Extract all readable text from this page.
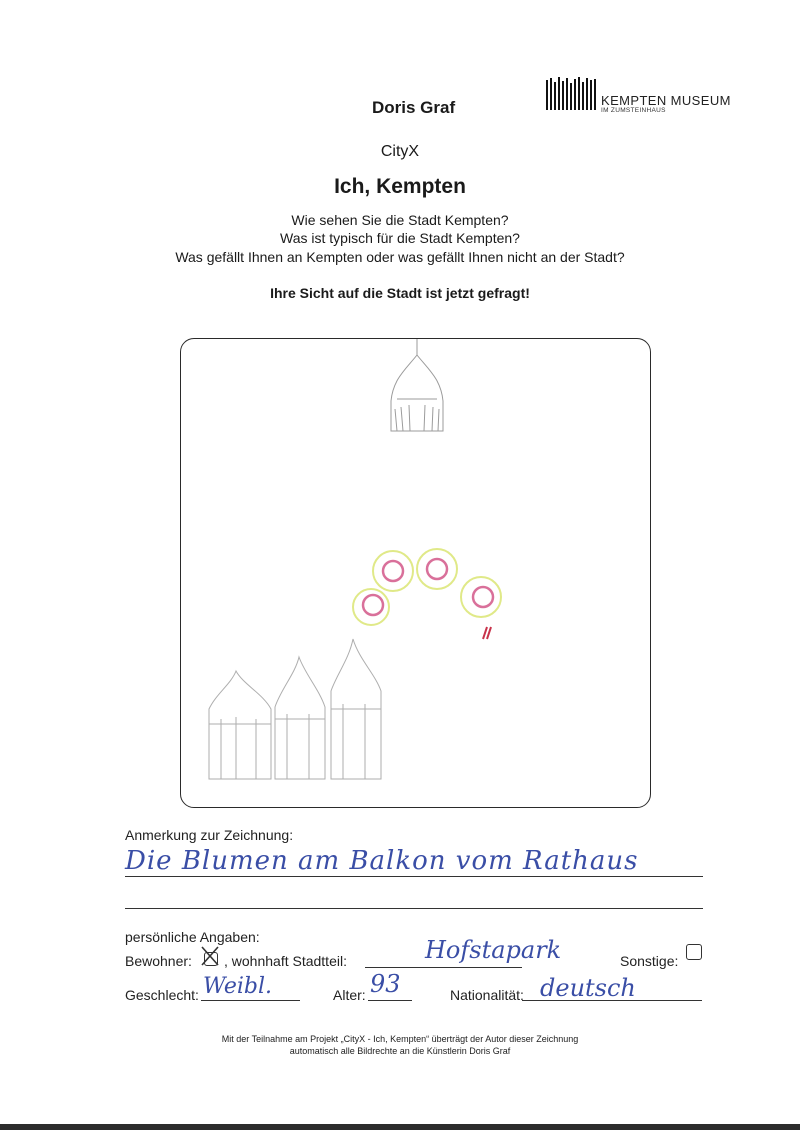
Doris Graf	KEMPTEN MUSEUM
IM ZUMSTEINHAUS
CityX
Ich, Kempten
Wie sehen Sie die Stadt Kempten?
Was ist typisch für die Stadt Kempten?
Was gefällt Ihnen an Kempten oder was gefällt Ihnen nicht an der Stadt?
Ihre Sicht auf die Stadt ist jetzt gefragt!
Anmerkung zur Zeichnung:
Die Blumen am Balkon vom Rathaus
persönliche Angaben:
Bewohner: , wohnhaft Stadtteil:	Hofstapark	Sonstige:
Geschlecht: Weibl.	Alter: 93	Nationalität: deutsch
Mit der Teilnahme am Projekt „CityX - Ich, Kempten“ überträgt der Autor dieser Zeichnung
automatisch alle Bildrechte an die Künstlerin Doris Graf
